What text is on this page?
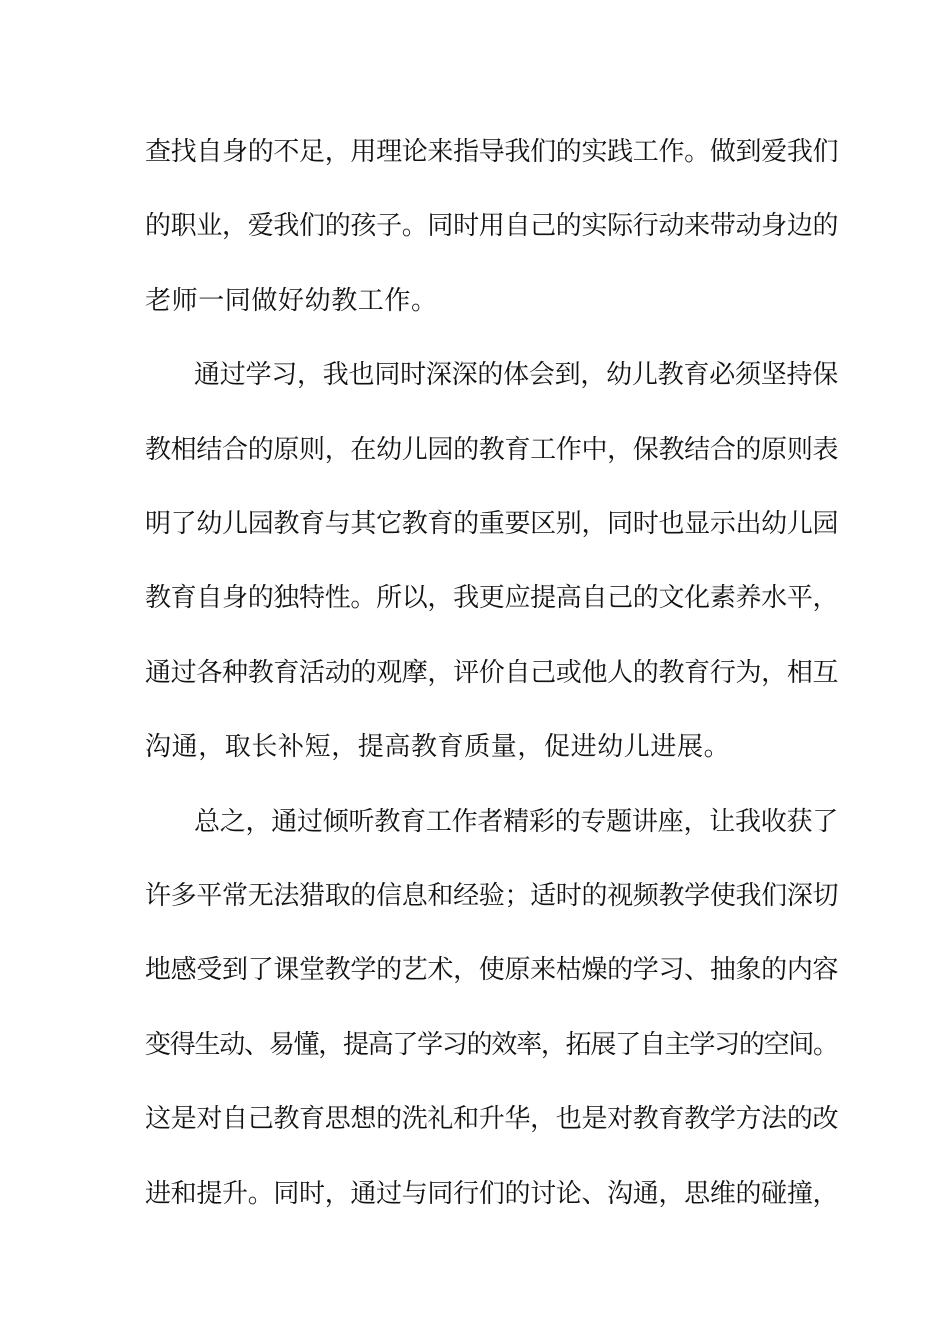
查找自身的不足，用理论来指导我们的实践工作。做到爱我们
的职业，爱我们的孩子。同时用自己的实际行动来带动身边的
老师一同做好幼教工作。
通过学习，我也同时深深的体会到，幼儿教育必须坚持保
教相结合的原则，在幼儿园的教育工作中，保教结合的原则表
明了幼儿园教育与其它教育的重要区别，同时也显示出幼儿园
教育自身的独特性。所以，我更应提高自己的文化素养水平，
通过各种教育活动的观摩，评价自己或他人的教育行为，相互
沟通，取长补短，提高教育质量，促进幼儿进展。
总之，通过倾听教育工作者精彩的专题讲座，让我收获了
许多平常无法猎取的信息和经验；适时的视频教学使我们深切
地感受到了课堂教学的艺术，使原来枯燥的学习、抽象的内容
变得生动、易懂，提高了学习的效率，拓展了自主学习的空间。
这是对自己教育思想的洗礼和升华，也是对教育教学方法的改
进和提升。同时，通过与同行们的讨论、沟通，思维的碰撞，
